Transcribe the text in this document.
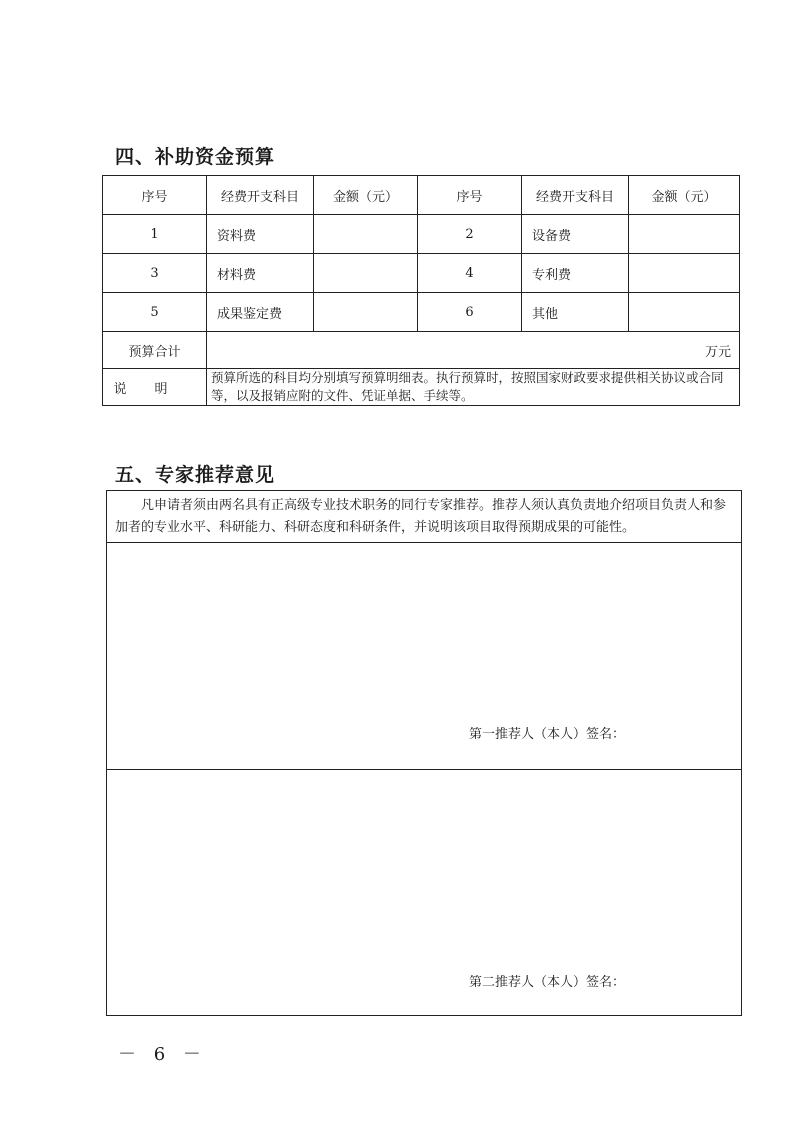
四、补助资金预算
序号	经费开支科目	金额（元）	序号	经费开支科目	金额（元）
1	资料费		2	设备费	
3	材料费		4	专利费	
5	成果鉴定费		6	其他	
预算合计	万元				
说明	预算所选的科目均分别填写预算明细表。执行预算时，按照国家财政要求提供相关协议或合同等，以及报销应附的文件、凭证单据、手续等。				
五、专家推荐意见
凡申请者须由两名具有正高级专业技术职务的同行专家推荐。推荐人须认真负责地介绍项目负责人和参加者的专业水平、科研能力、科研态度和科研条件，并说明该项目取得预期成果的可能性。
第一推荐人（本人）签名：
第二推荐人（本人）签名：
－ 6 －
